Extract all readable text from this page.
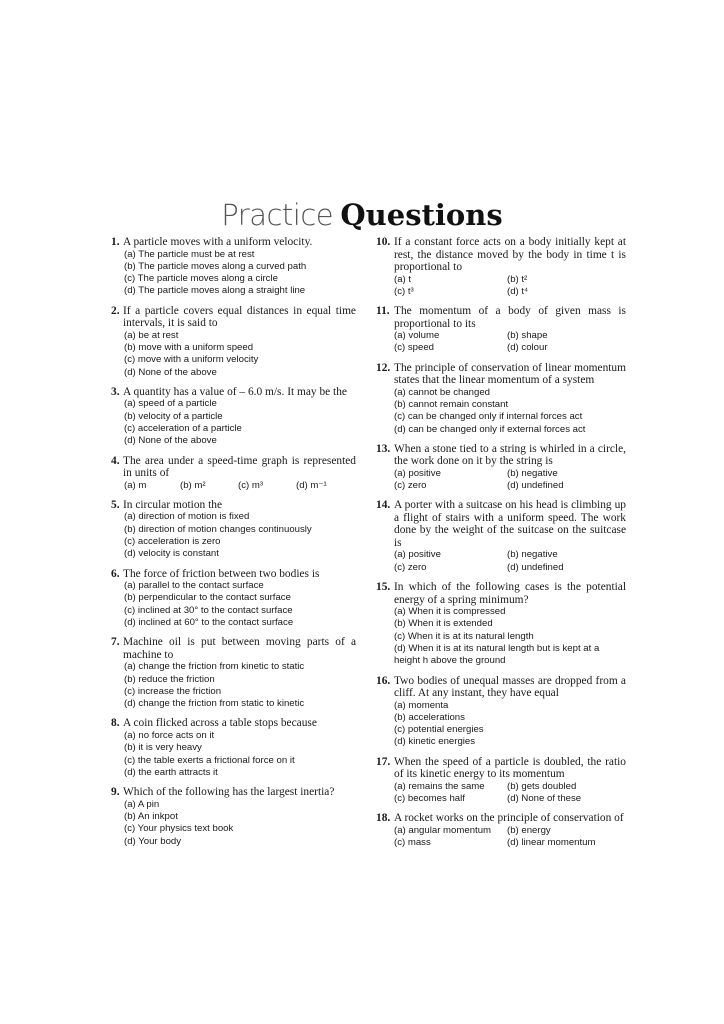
Practice Questions
1. A particle moves with a uniform velocity.
(a) The particle must be at rest
(b) The particle moves along a curved path
(c) The particle moves along a circle
(d) The particle moves along a straight line
2. If a particle covers equal distances in equal time intervals, it is said to
(a) be at rest
(b) move with a uniform speed
(c) move with a uniform velocity
(d) None of the above
3. A quantity has a value of – 6.0 m/s. It may be the
(a) speed of a particle
(b) velocity of a particle
(c) acceleration of a particle
(d) None of the above
4. The area under a speed-time graph is represented in units of
(a) m	(b) m²	(c) m³	(d) m⁻¹
5. In circular motion the
(a) direction of motion is fixed
(b) direction of motion changes continuously
(c) acceleration is zero
(d) velocity is constant
6. The force of friction between two bodies is
(a) parallel to the contact surface
(b) perpendicular to the contact surface
(c) inclined at 30° to the contact surface
(d) inclined at 60° to the contact surface
7. Machine oil is put between moving parts of a machine to
(a) change the friction from kinetic to static
(b) reduce the friction
(c) increase the friction
(d) change the friction from static to kinetic
8. A coin flicked across a table stops because
(a) no force acts on it
(b) it is very heavy
(c) the table exerts a frictional force on it
(d) the earth attracts it
9. Which of the following has the largest inertia?
(a) A pin
(b) An inkpot
(c) Your physics text book
(d) Your body
10. If a constant force acts on a body initially kept at rest, the distance moved by the body in time t is proportional to
(a) t	(b) t²
(c) t³	(d) t⁴
11. The momentum of a body of given mass is proportional to its
(a) volume	(b) shape
(c) speed	(d) colour
12. The principle of conservation of linear momentum states that the linear momentum of a system
(a) cannot be changed
(b) cannot remain constant
(c) can be changed only if internal forces act
(d) can be changed only if external forces act
13. When a stone tied to a string is whirled in a circle, the work done on it by the string is
(a) positive	(b) negative
(c) zero	(d) undefined
14. A porter with a suitcase on his head is climbing up a flight of stairs with a uniform speed. The work done by the weight of the suitcase on the suitcase is
(a) positive	(b) negative
(c) zero	(d) undefined
15. In which of the following cases is the potential energy of a spring minimum?
(a) When it is compressed
(b) When it is extended
(c) When it is at its natural length
(d) When it is at its natural length but is kept at a height h above the ground
16. Two bodies of unequal masses are dropped from a cliff. At any instant, they have equal
(a) momenta
(b) accelerations
(c) potential energies
(d) kinetic energies
17. When the speed of a particle is doubled, the ratio of its kinetic energy to its momentum
(a) remains the same	(b) gets doubled
(c) becomes half	(d) None of these
18. A rocket works on the principle of conservation of
(a) angular momentum	(b) energy
(c) mass	(d) linear momentum
